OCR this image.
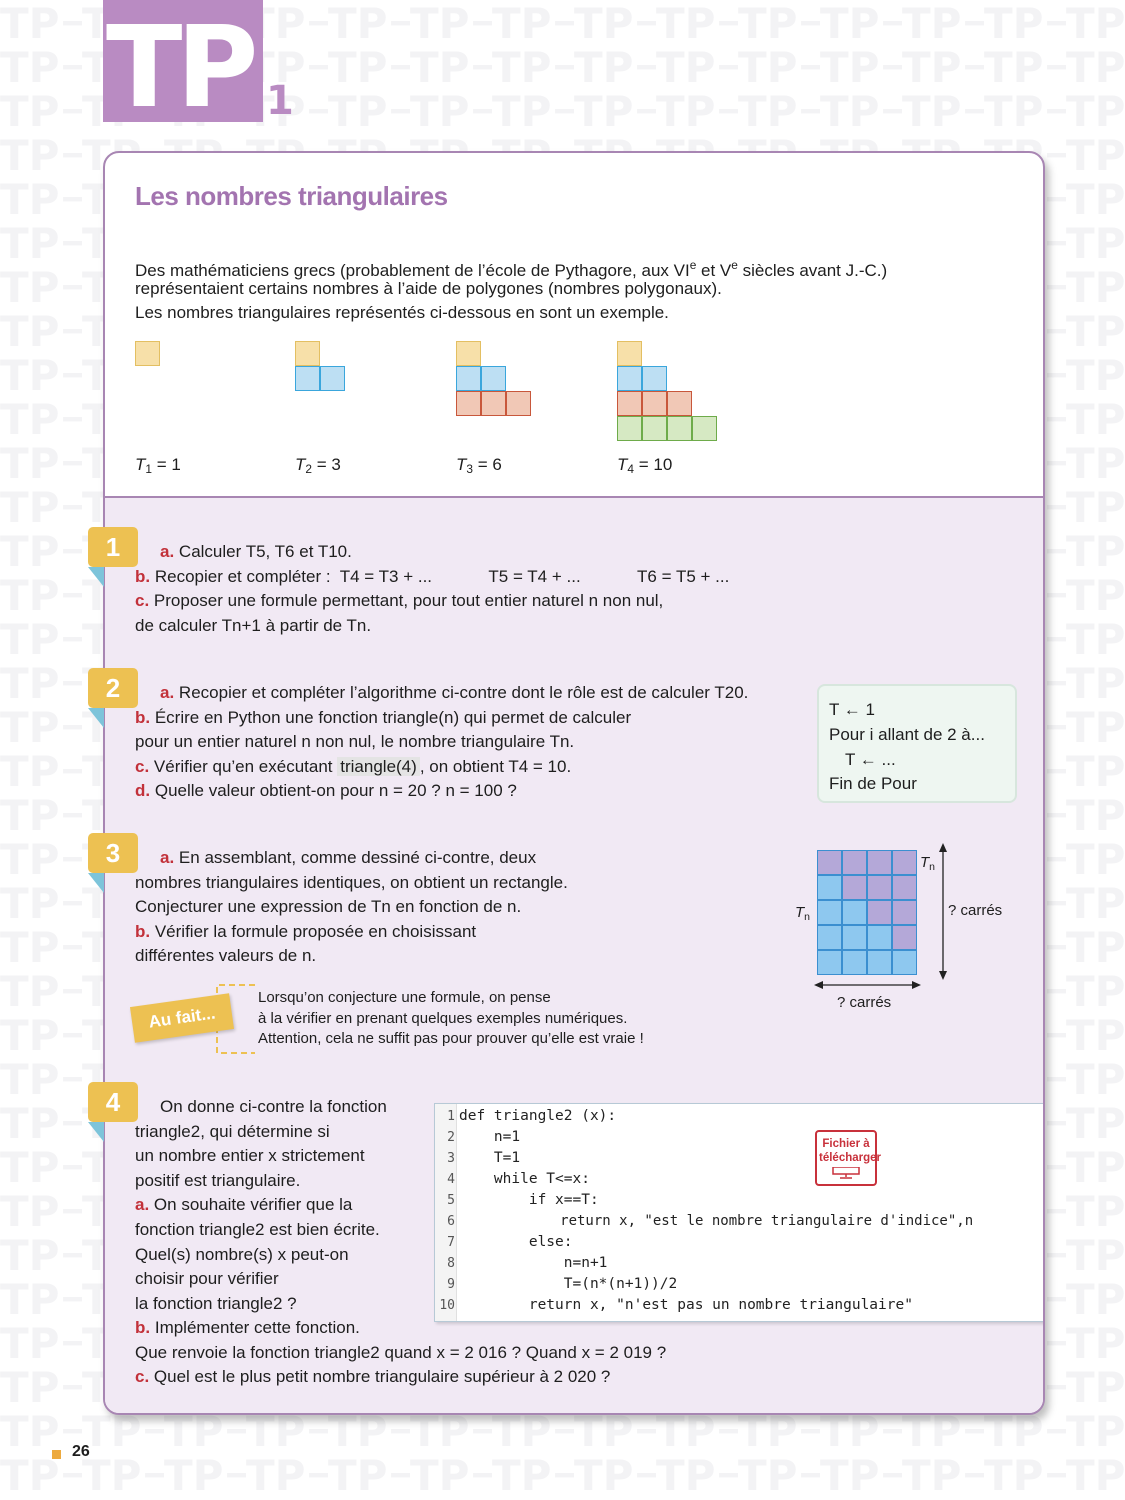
TP 1
Les nombres triangulaires
Des mathématiciens grecs (probablement de l’école de Pythagore, aux VIe et Ve siècles avant J.-C.)
représentaient certains nombres à l’aide de polygones (nombres polygonaux).
Les nombres triangulaires représentés ci-dessous en sont un exemple.
$T_1 = 1$	$T_2 = 3$	$T_3 = 6$	$T_4 = 10$
a. Calculer T5, T6 et T10.
b. Recopier et compléter :  T4 = T3 + ...            T5 = T4 + ...            T6 = T5 + ...
c. Proposer une formule permettant, pour tout entier naturel n non nul,
de calculer Tn+1 à partir de Tn.
a. Recopier et compléter l’algorithme ci-contre dont le rôle est de calculer T20.
b. Écrire en Python une fonction triangle(n) qui permet de calculer
pour un entier naturel n non nul, le nombre triangulaire Tn.
c. Vérifier qu’en exécutant triangle(4) , on obtient T4 = 10.
d. Quelle valeur obtient-on pour n = 20 ? n = 100 ?
T ← 1
Pour i allant de 2 à...
T ← ...
Fin de Pour
a. En assemblant, comme dessiné ci-contre, deux
nombres triangulaires identiques, on obtient un rectangle.
Conjecturer une expression de Tn en fonction de n.
b. Vérifier la formule proposée en choisissant
différentes valeurs de n.
$T_n$
$T_n$	? carrés
? carrés
Au fait...
Lorsqu’on conjecture une formule, on pense
à la vérifier en prenant quelques exemples numériques.
Attention, cela ne suffit pas pour prouver qu’elle est vraie !
On donne ci-contre la fonction
triangle2, qui détermine si
un nombre entier x strictement
positif est triangulaire.
a. On souhaite vérifier que la
fonction triangle2 est bien écrite.
Quel(s) nombre(s) x peut-on
choisir pour vérifier
la fonction triangle2 ?
b. Implémenter cette fonction.
Que renvoie la fonction triangle2 quand x = 2 016 ? Quand x = 2 019 ?
c. Quel est le plus petit nombre triangulaire supérieur à 2 020 ?
1
2
3
4
5
6
7
8
9
10
def triangle2 (x):
n=1
T=1
while T<=x:
if x==T:
return x, "est le nombre triangulaire d'indice",n
else:
n=n+1
T=(n*(n+1))/2
return x, "n'est pas un nombre triangulaire"
Fichier à télécharger
1
2
3
4
26
